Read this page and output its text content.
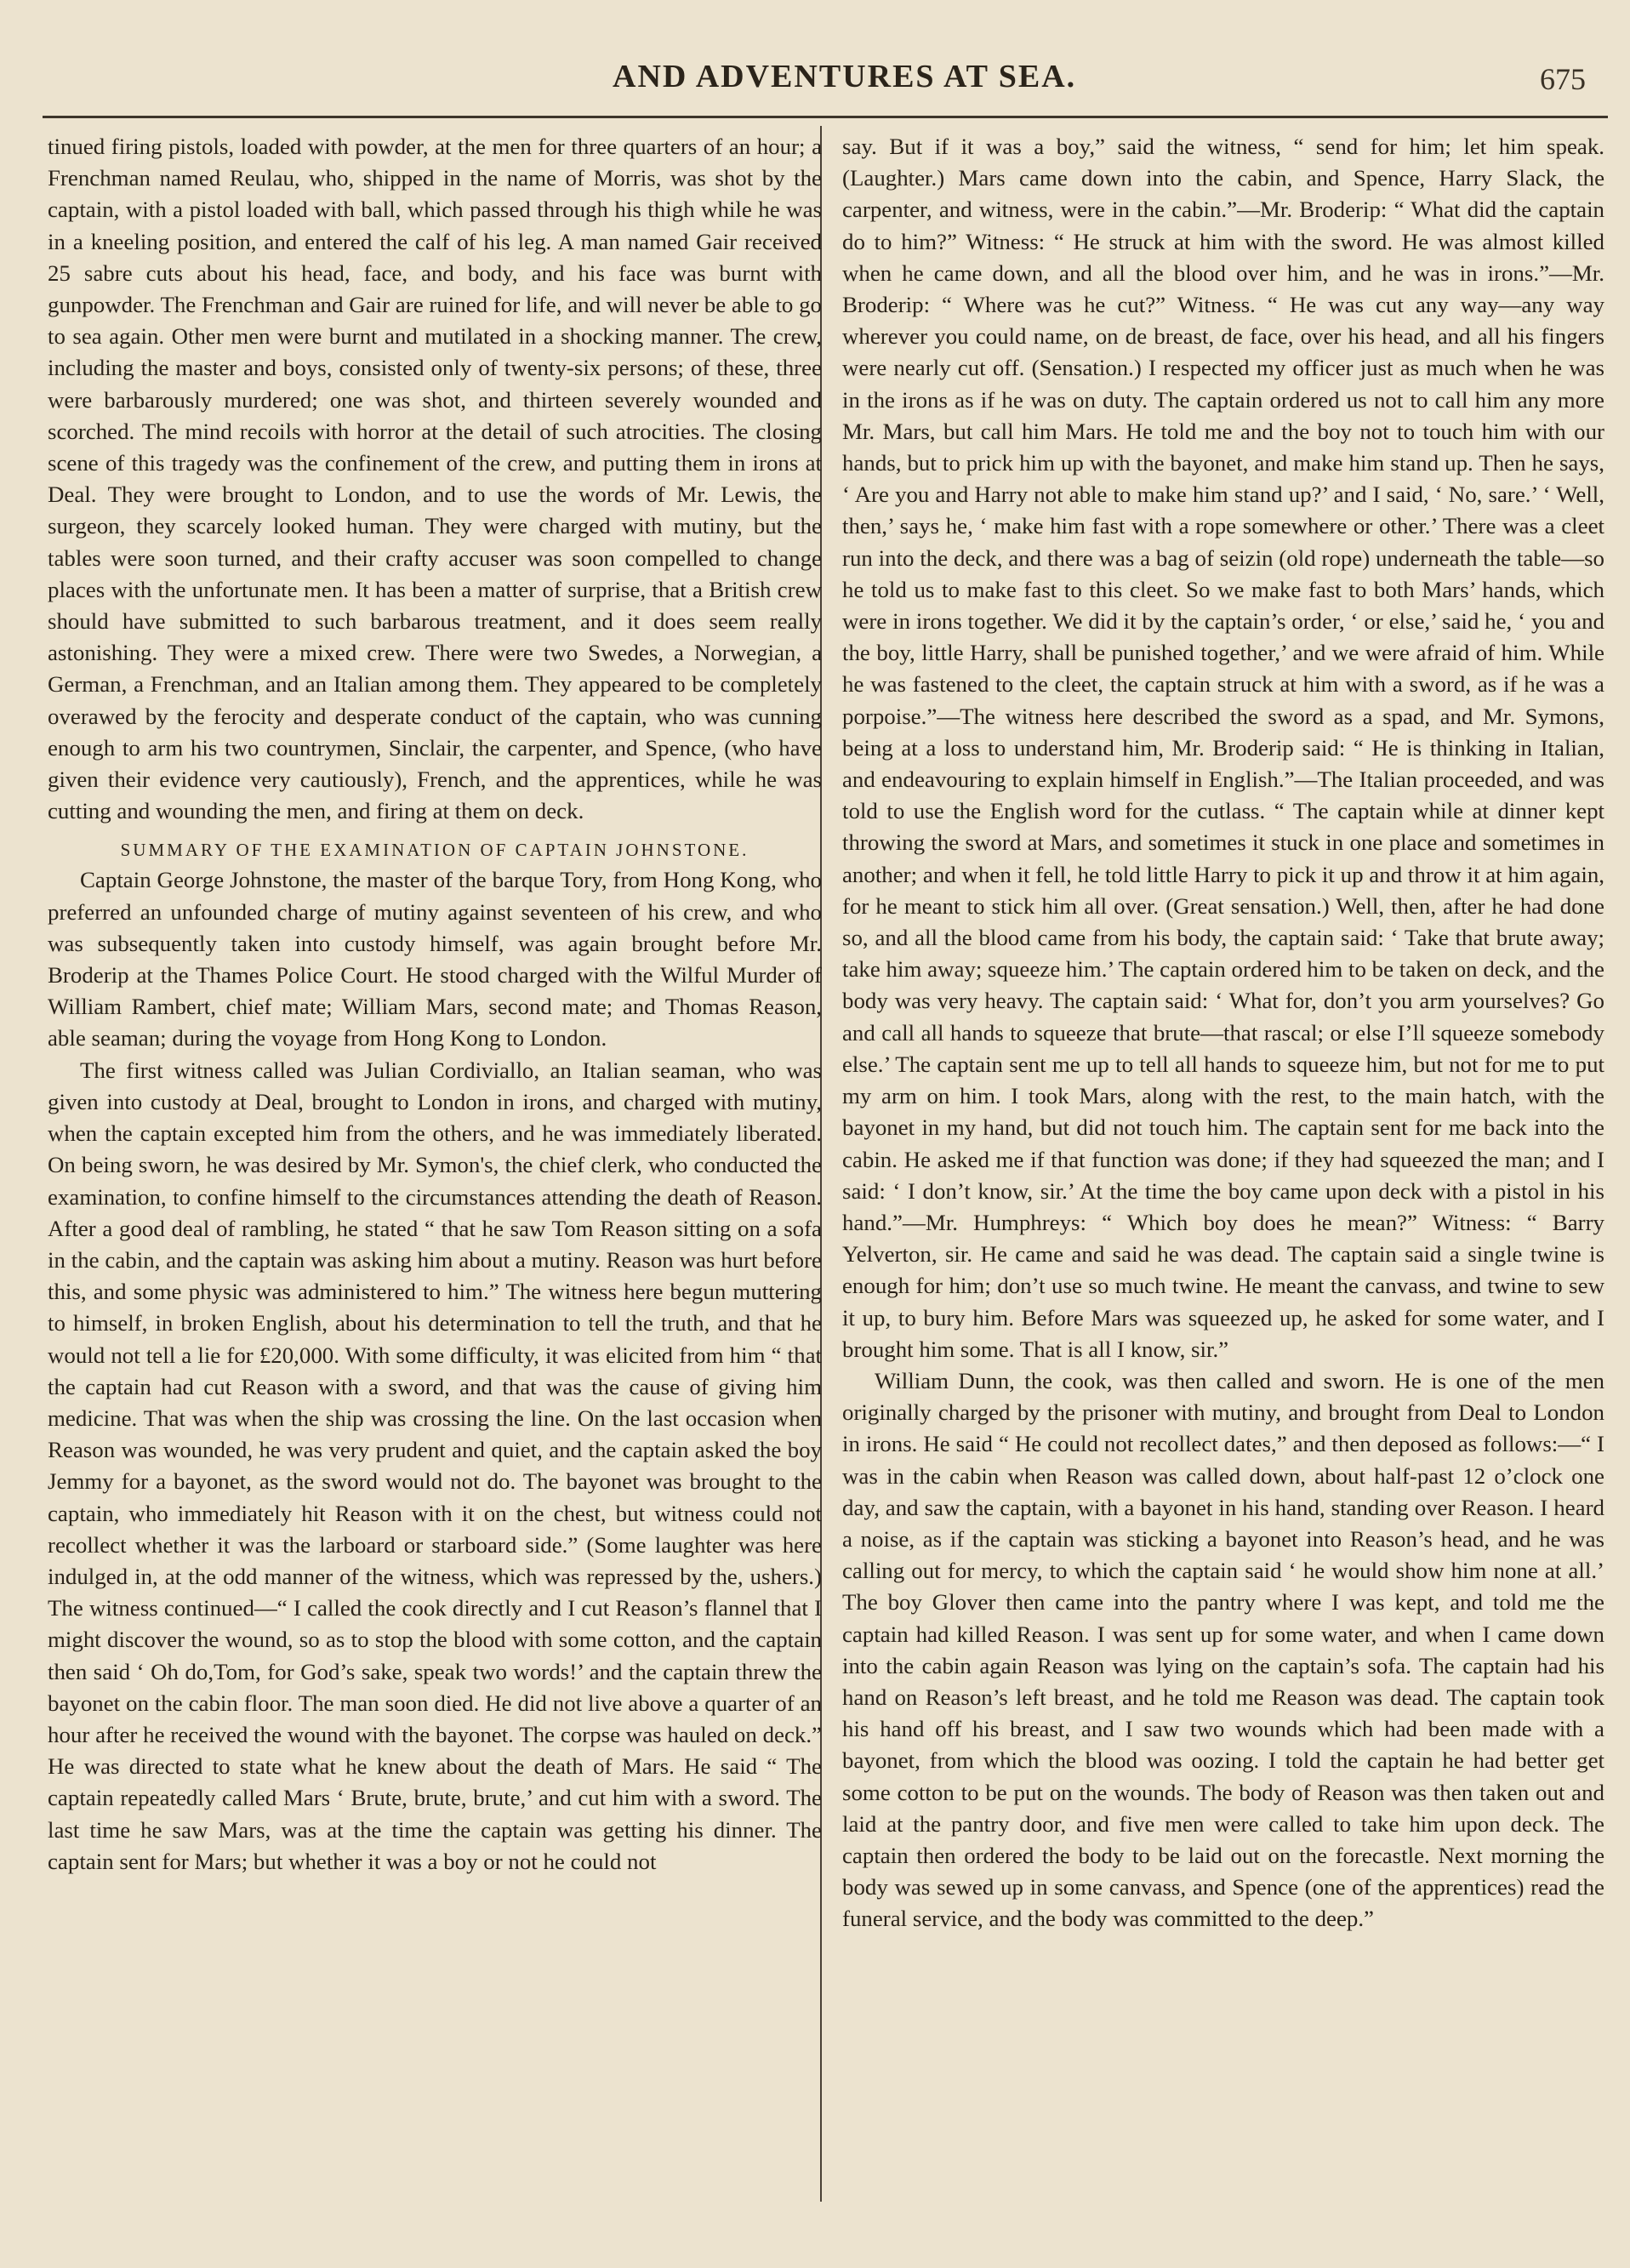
AND ADVENTURES AT SEA.	675

tinued firing pistols, loaded with powder, at the men for three quarters of an hour; a Frenchman named Reulau, who, shipped in the name of Morris, was shot by the captain, with a pistol loaded with ball, which passed through his thigh while he was in a kneeling position, and entered the calf of his leg. A man named Gair received 25 sabre cuts about his head, face, and body, and his face was burnt with gunpowder. The Frenchman and Gair are ruined for life, and will never be able to go to sea again. Other men were burnt and mutilated in a shocking manner. The crew, including the master and boys, consisted only of twenty-six persons; of these, three were barbarously murdered; one was shot, and thirteen severely wounded and scorched. The mind recoils with horror at the detail of such atrocities. The closing scene of this tragedy was the confinement of the crew, and putting them in irons at Deal. They were brought to London, and to use the words of Mr. Lewis, the surgeon, they scarcely looked human. They were charged with mutiny, but the tables were soon turned, and their crafty accuser was soon compelled to change places with the unfortunate men. It has been a matter of surprise, that a British crew should have submitted to such barbarous treatment, and it does seem really astonishing. They were a mixed crew. There were two Swedes, a Norwegian, a German, a Frenchman, and an Italian among them. They appeared to be completely overawed by the ferocity and desperate conduct of the captain, who was cunning enough to arm his two countrymen, Sinclair, the carpenter, and Spence, (who have given their evidence very cautiously), French, and the apprentices, while he was cutting and wounding the men, and firing at them on deck.

SUMMARY OF THE EXAMINATION OF CAPTAIN JOHNSTONE.

Captain George Johnstone, the master of the barque Tory, from Hong Kong, who preferred an unfounded charge of mutiny against seventeen of his crew, and who was subsequently taken into custody himself, was again brought before Mr. Broderip at the Thames Police Court. He stood charged with the Wilful Murder of William Rambert, chief mate; William Mars, second mate; and Thomas Reason, able seaman; during the voyage from Hong Kong to London.

The first witness called was Julian Cordiviallo, an Italian seaman, who was given into custody at Deal, brought to London in irons, and charged with mutiny, when the captain excepted him from the others, and he was immediately liberated. On being sworn, he was desired by Mr. Symon's, the chief clerk, who conducted the examination, to confine himself to the circumstances attending the death of Reason. After a good deal of rambling, he stated “ that he saw Tom Reason sitting on a sofa in the cabin, and the captain was asking him about a mutiny. Reason was hurt before this, and some physic was administered to him.” The witness here begun muttering to himself, in broken English, about his determination to tell the truth, and that he would not tell a lie for £20,000. With some difficulty, it was elicited from him “ that the captain had cut Reason with a sword, and that was the cause of giving him medicine. That was when the ship was crossing the line. On the last occasion when Reason was wounded, he was very prudent and quiet, and the captain asked the boy Jemmy for a bayonet, as the sword would not do. The bayonet was brought to the captain, who immediately hit Reason with it on the chest, but witness could not recollect whether it was the larboard or starboard side.” (Some laughter was here indulged in, at the odd manner of the witness, which was repressed by the, ushers.) The witness continued—“ I called the cook directly and I cut Reason’s flannel that I might discover the wound, so as to stop the blood with some cotton, and the captain then said ‘ Oh do,Tom, for God’s sake, speak two words!’ and the captain threw the bayonet on the cabin floor. The man soon died. He did not live above a quarter of an hour after he received the wound with the bayonet. The corpse was hauled on deck.” He was directed to state what he knew about the death of Mars. He said “ The captain repeatedly called Mars ‘ Brute, brute, brute,’ and cut him with a sword. The last time he saw Mars, was at the time the captain was getting his dinner. The captain sent for Mars; but whether it was a boy or not he could not

say. But if it was a boy,” said the witness, “ send for him; let him speak. (Laughter.) Mars came down into the cabin, and Spence, Harry Slack, the carpenter, and witness, were in the cabin.”—Mr. Broderip: “ What did the captain do to him?” Witness: “ He struck at him with the sword. He was almost killed when he came down, and all the blood over him, and he was in irons.”—Mr. Broderip: “ Where was he cut?” Witness. “ He was cut any way—any way wherever you could name, on de breast, de face, over his head, and all his fingers were nearly cut off. (Sensation.) I respected my officer just as much when he was in the irons as if he was on duty. The captain ordered us not to call him any more Mr. Mars, but call him Mars. He told me and the boy not to touch him with our hands, but to prick him up with the bayonet, and make him stand up. Then he says, ‘ Are you and Harry not able to make him stand up?’ and I said, ‘ No, sare.’ ‘ Well, then,’ says he, ‘ make him fast with a rope somewhere or other.’ There was a cleet run into the deck, and there was a bag of seizin (old rope) underneath the table—so he told us to make fast to this cleet. So we make fast to both Mars’ hands, which were in irons together. We did it by the captain’s order, ‘ or else,’ said he, ‘ you and the boy, little Harry, shall be punished together,’ and we were afraid of him. While he was fastened to the cleet, the captain struck at him with a sword, as if he was a porpoise.”—The witness here described the sword as a spad, and Mr. Symons, being at a loss to understand him, Mr. Broderip said: “ He is thinking in Italian, and endeavouring to explain himself in English.”—The Italian proceeded, and was told to use the English word for the cutlass. “ The captain while at dinner kept throwing the sword at Mars, and sometimes it stuck in one place and sometimes in another; and when it fell, he told little Harry to pick it up and throw it at him again, for he meant to stick him all over. (Great sensation.) Well, then, after he had done so, and all the blood came from his body, the captain said: ‘ Take that brute away; take him away; squeeze him.’ The captain ordered him to be taken on deck, and the body was very heavy. The captain said: ‘ What for, don’t you arm yourselves? Go and call all hands to squeeze that brute—that rascal; or else I’ll squeeze somebody else.’ The captain sent me up to tell all hands to squeeze him, but not for me to put my arm on him. I took Mars, along with the rest, to the main hatch, with the bayonet in my hand, but did not touch him. The captain sent for me back into the cabin. He asked me if that function was done; if they had squeezed the man; and I said: ‘ I don’t know, sir.’ At the time the boy came upon deck with a pistol in his hand.”—Mr. Humphreys: “ Which boy does he mean?” Witness: “ Barry Yelverton, sir. He came and said he was dead. The captain said a single twine is enough for him; don’t use so much twine. He meant the canvass, and twine to sew it up, to bury him. Before Mars was squeezed up, he asked for some water, and I brought him some. That is all I know, sir.”

William Dunn, the cook, was then called and sworn. He is one of the men originally charged by the prisoner with mutiny, and brought from Deal to London in irons. He said “ He could not recollect dates,” and then deposed as follows:—“ I was in the cabin when Reason was called down, about half-past 12 o’clock one day, and saw the captain, with a bayonet in his hand, standing over Reason. I heard a noise, as if the captain was sticking a bayonet into Reason’s head, and he was calling out for mercy, to which the captain said ‘ he would show him none at all.’ The boy Glover then came into the pantry where I was kept, and told me the captain had killed Reason. I was sent up for some water, and when I came down into the cabin again Reason was lying on the captain’s sofa. The captain had his hand on Reason’s left breast, and he told me Reason was dead. The captain took his hand off his breast, and I saw two wounds which had been made with a bayonet, from which the blood was oozing. I told the captain he had better get some cotton to be put on the wounds. The body of Reason was then taken out and laid at the pantry door, and five men were called to take him upon deck. The captain then ordered the body to be laid out on the forecastle. Next morning the body was sewed up in some canvass, and Spence (one of the apprentices) read the funeral service, and the body was committed to the deep.”
